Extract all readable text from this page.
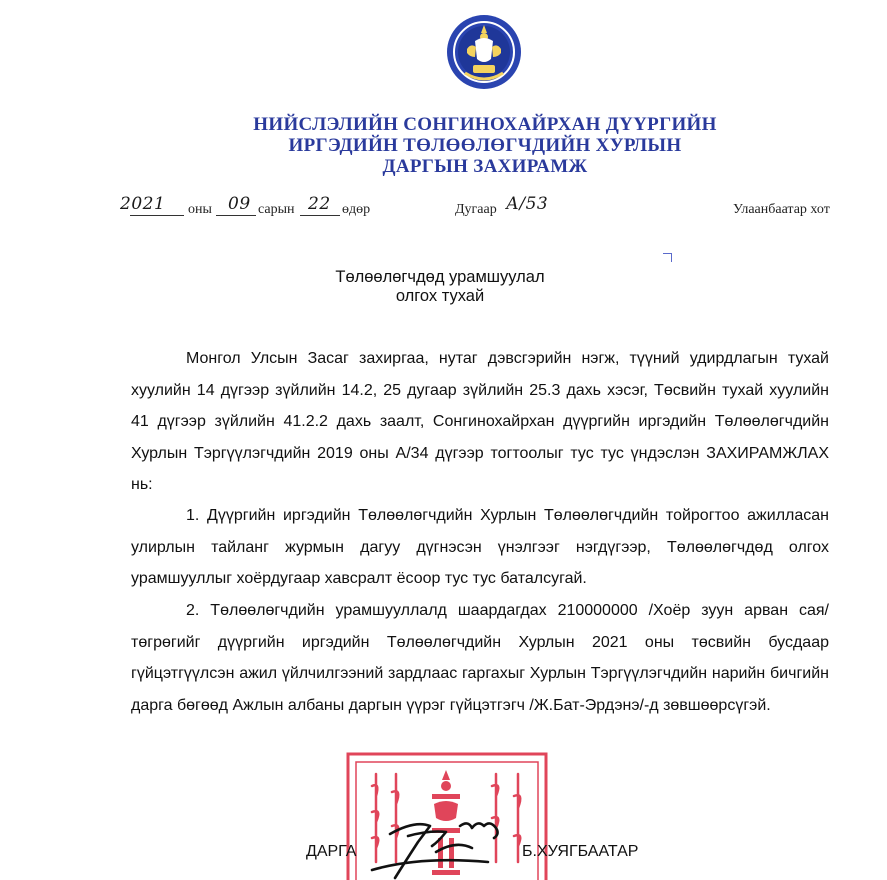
НИЙСЛЭЛИЙН СОНГИНОХАЙРХАН ДҮҮРГИЙН
ИРГЭДИЙН ТӨЛӨӨЛӨГЧДИЙН ХУРЛЫН
ДАРГЫН ЗАХИРАМЖ
2021 оны 09 сарын 22 өдөр	Дугаар А/53	Улаанбаатар хот
Төлөөлөгчдөд урамшуулал
олгох тухай

Монгол Улсын Засаг захиргаа, нутаг дэвсгэрийн нэгж, түүний удирдлагын тухай хуулийн 14 дүгээр зүйлийн 14.2, 25 дугаар зүйлийн 25.3 дахь хэсэг, Төсвийн тухай хуулийн 41 дүгээр зүйлийн 41.2.2 дахь заалт, Сонгинохайрхан дүүргийн иргэдийн Төлөөлөгчдийн Хурлын Тэргүүлэгчдийн 2019 оны А/34 дүгээр тогтоолыг тус тус үндэслэн ЗАХИРАМЖЛАХ нь:

1. Дүүргийн иргэдийн Төлөөлөгчдийн Хурлын Төлөөлөгчдийн тойрогтоо ажилласан улирлын тайланг журмын дагуу дүгнэсэн үнэлгээг нэгдүгээр, Төлөөлөгчдөд олгох урамшууллыг хоёрдугаар хавсралт ёсоор тус тус баталсугай.

2. Төлөөлөгчдийн урамшууллалд шаардагдах 210000000 /Хоёр зуун арван сая/ төгрөгийг дүүргийн иргэдийн Төлөөлөгчдийн Хурлын 2021 оны төсвийн бусдаар гүйцэтгүүлсэн ажил үйлчилгээний зардлаас гаргахыг Хурлын Тэргүүлэгчдийн нарийн бичгийн дарга бөгөөд Ажлын албаны даргын үүрэг гүйцэтгэгч /Ж.Бат-Эрдэнэ/-д зөвшөөрсүгэй.

ДАРГА	Б.ХУЯГБААТАР
